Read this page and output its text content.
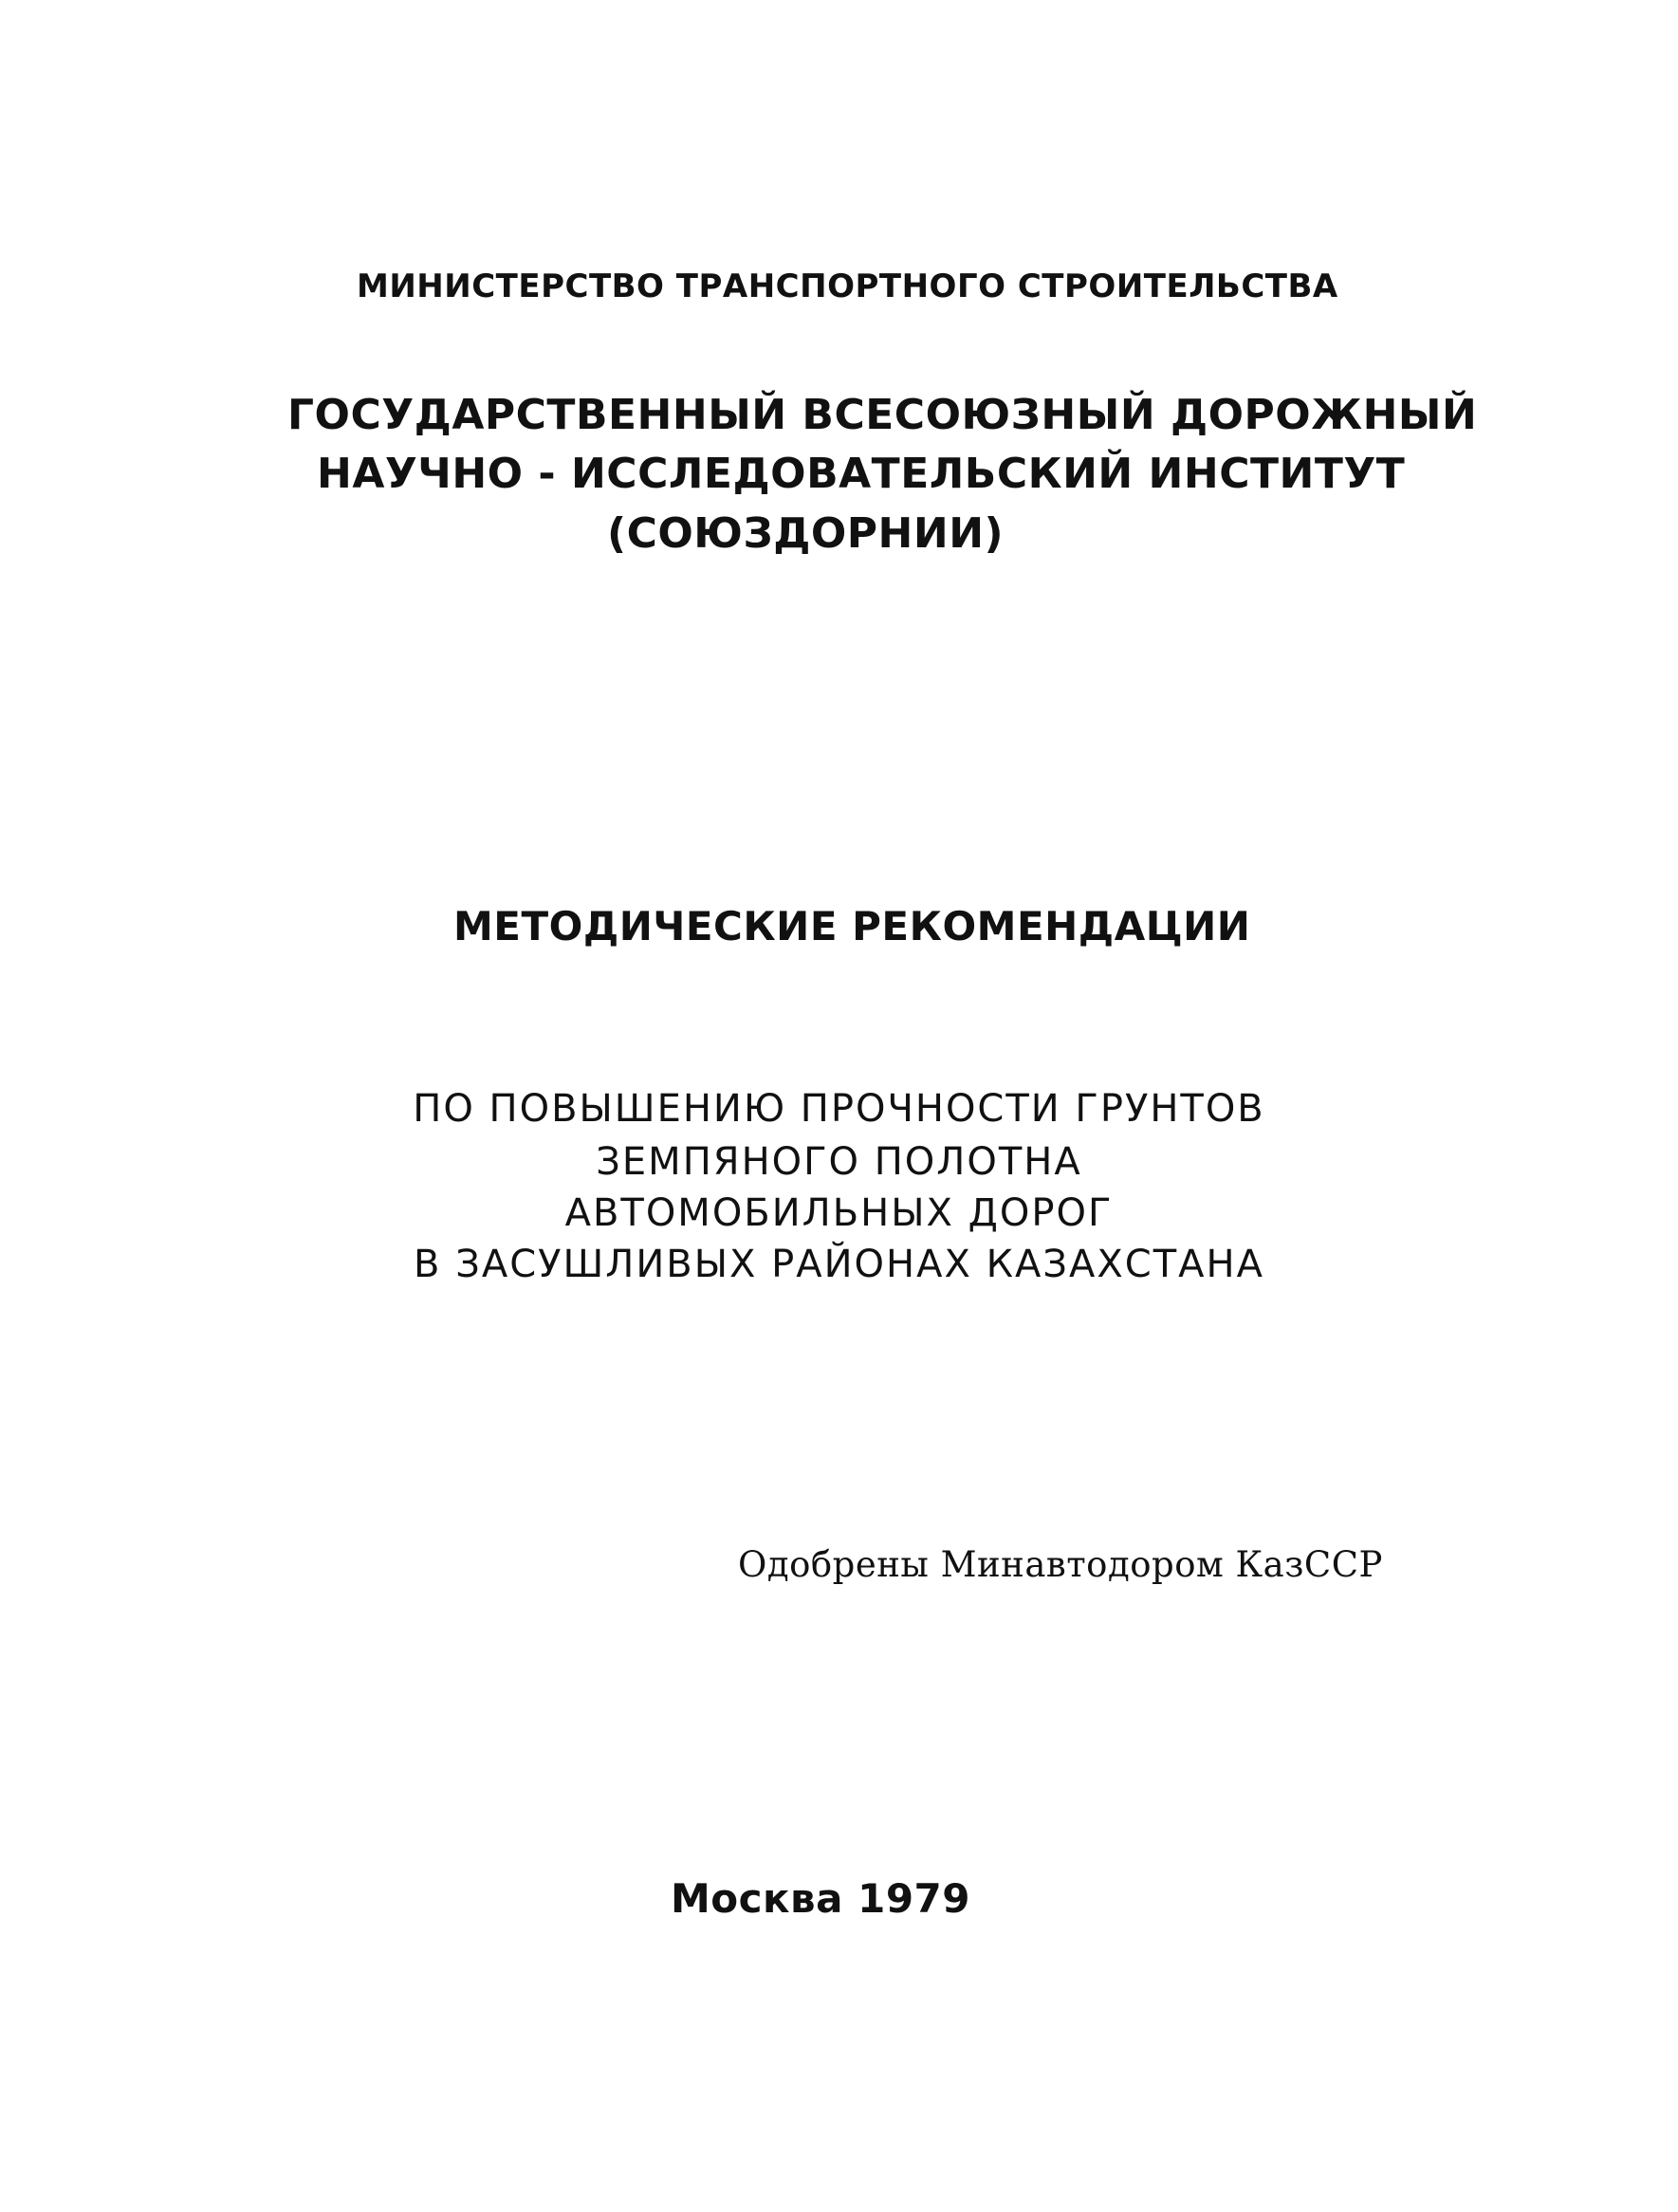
МИНИСТЕРСТВО ТРАНСПОРТНОГО СТРОИТЕЛЬСТВА
ГОСУДАРСТВЕННЫЙ ВСЕСОЮЗНЫЙ ДОРОЖНЫЙ
НАУЧНО - ИССЛЕДОВАТЕЛЬСКИЙ ИНСТИТУТ
(СОЮЗДОРНИИ)
МЕТОДИЧЕСКИЕ РЕКОМЕНДАЦИИ
ПО ПОВЫШЕНИЮ ПРОЧНОСТИ ГРУНТОВ
ЗЕМПЯНОГО ПОЛОТНА
АВТОМОБИЛЬНЫХ ДОРОГ
В ЗАСУШЛИВЫХ РАЙОНАХ КАЗАХСТАНА
Одобрены Минавтодором КазССР
Москва 1979
